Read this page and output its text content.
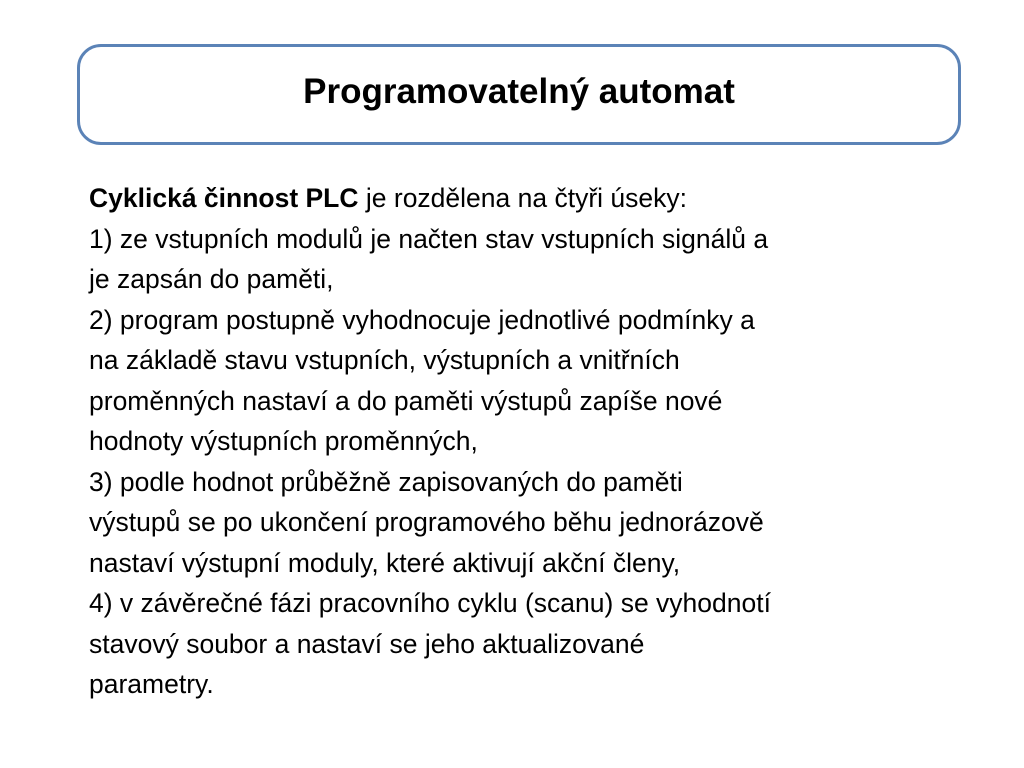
Programovatelný automat
Cyklická činnost PLC je rozdělena na čtyři úseky:
1) ze vstupních modulů je načten stav vstupních signálů a
je zapsán do paměti,
2) program postupně vyhodnocuje jednotlivé podmínky a
na základě stavu vstupních, výstupních a vnitřních
proměnných nastaví a do paměti výstupů zapíše nové
hodnoty výstupních proměnných,
3) podle hodnot průběžně zapisovaných do paměti
výstupů se po ukončení programového běhu jednorázově
nastaví výstupní moduly, které aktivují akční členy,
4) v závěrečné fázi pracovního cyklu (scanu) se vyhodnotí
stavový soubor a nastaví se jeho aktualizované
parametry.
